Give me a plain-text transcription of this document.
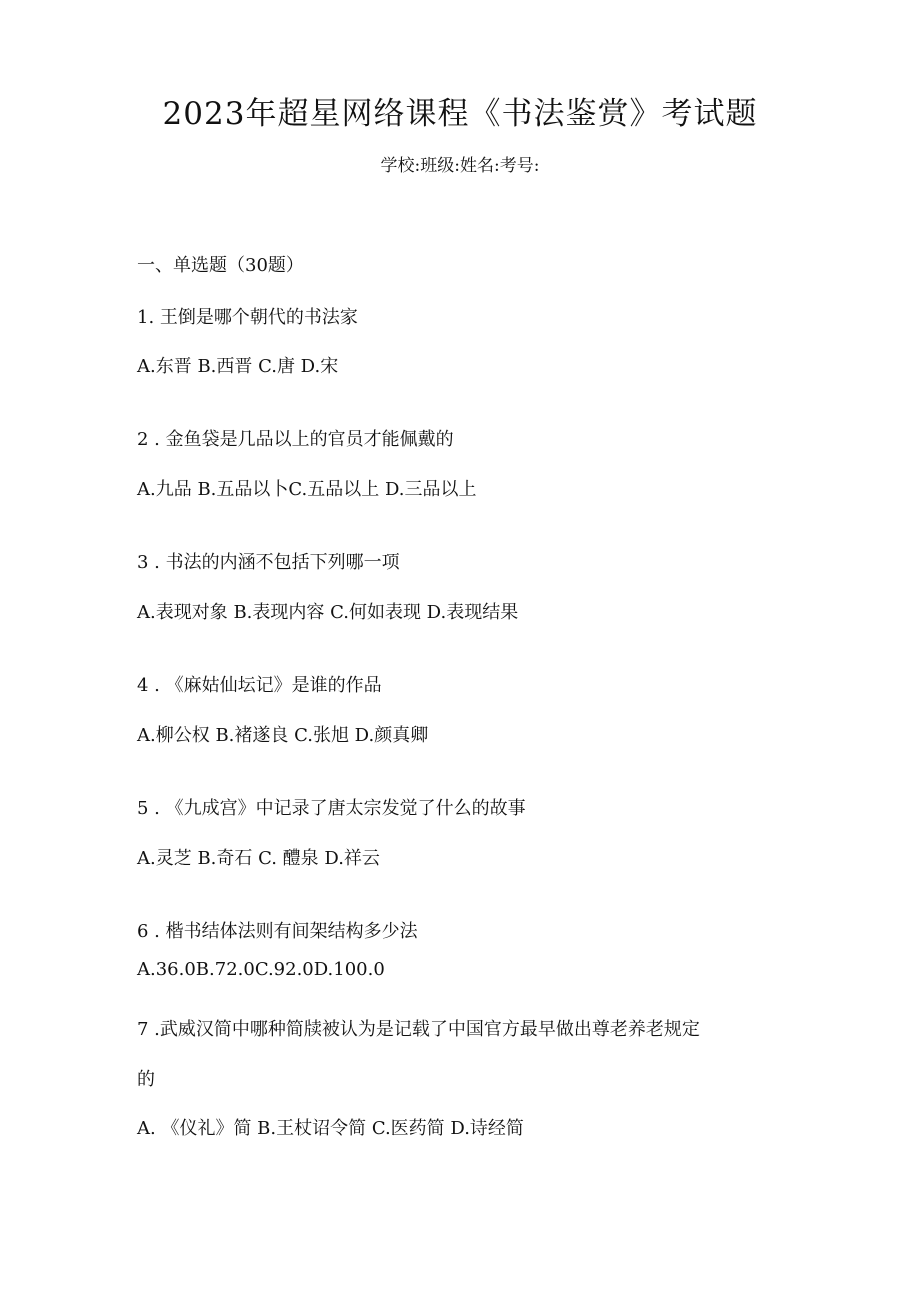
2023年超星网络课程《书法鉴赏》考试题
学校:班级:姓名:考号:
一、单选题（30题）
1. 王倒是哪个朝代的书法家
A.东晋 B.西晋 C.唐 D.宋
2 . 金鱼袋是几品以上的官员才能佩戴的
A.九品 B.五品以卜C.五品以上 D.三品以上
3 . 书法的内涵不包括下列哪一项
A.表现对象 B.表现内容 C.何如表现 D.表现结果
4 . 《麻姑仙坛记》是谁的作品
A.柳公权 B.褚遂良 C.张旭 D.颜真卿
5 . 《九成宫》中记录了唐太宗发觉了什么的故事
A.灵芝 B.奇石 C. 醴泉 D.祥云
6 . 楷书结体法则有间架结构多少法
A.36.0B.72.0C.92.0D.100.0
7 .武威汉简中哪种简牍被认为是记载了中国官方最早做出尊老养老规定
的
A. 《仪礼》简 B.王杖诏令简 C.医药简 D.诗经简
